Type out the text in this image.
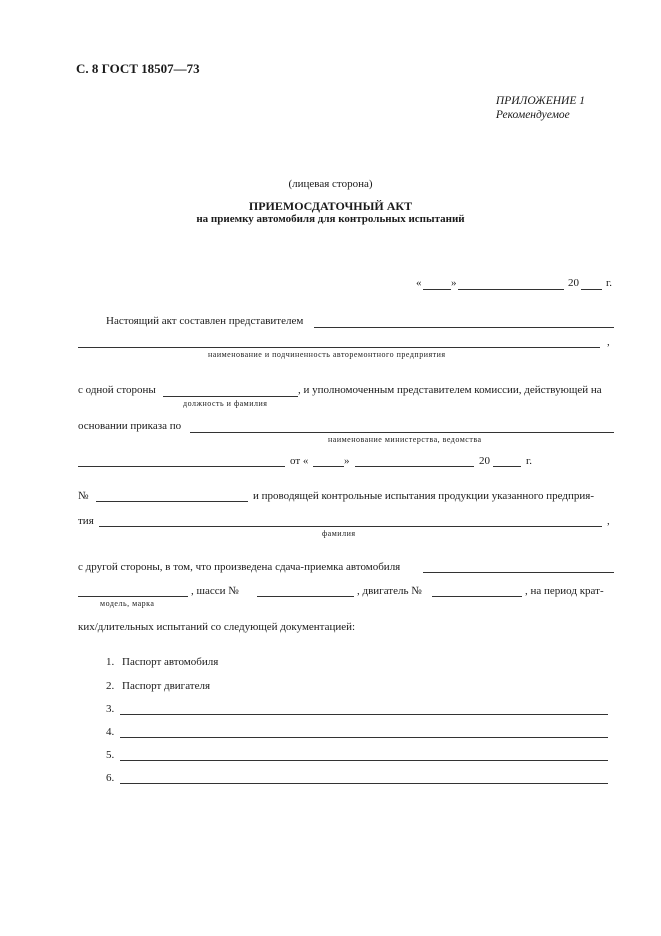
С. 8 ГОСТ 18507—73
ПРИЛОЖЕНИЕ 1
Рекомендуемое
(лицевая сторона)
ПРИЕМОСДАТОЧНЫЙ АКТ
на приемку автомобиля для контрольных испытаний
«	»	20 г.
Настоящий акт составлен представителем
,
наименование и подчиненность авторемонтного предприятия
с одной стороны	, и уполномоченным представителем комиссии, действующей на
должность и фамилия
основании приказа по
наименование министерства, ведомства
от «	»	20	г.
№	и проводящей контрольные испытания продукции указанного предприя-
тия	,
фамилия
с другой стороны, в том, что произведена сдача-приемка автомобиля
, шасси №	, двигатель №	, на период крат-
модель, марка
ких/длительных испытаний со следующей документацией:
1. Паспорт автомобиля
2. Паспорт двигателя
3.
4.
5.
6.
